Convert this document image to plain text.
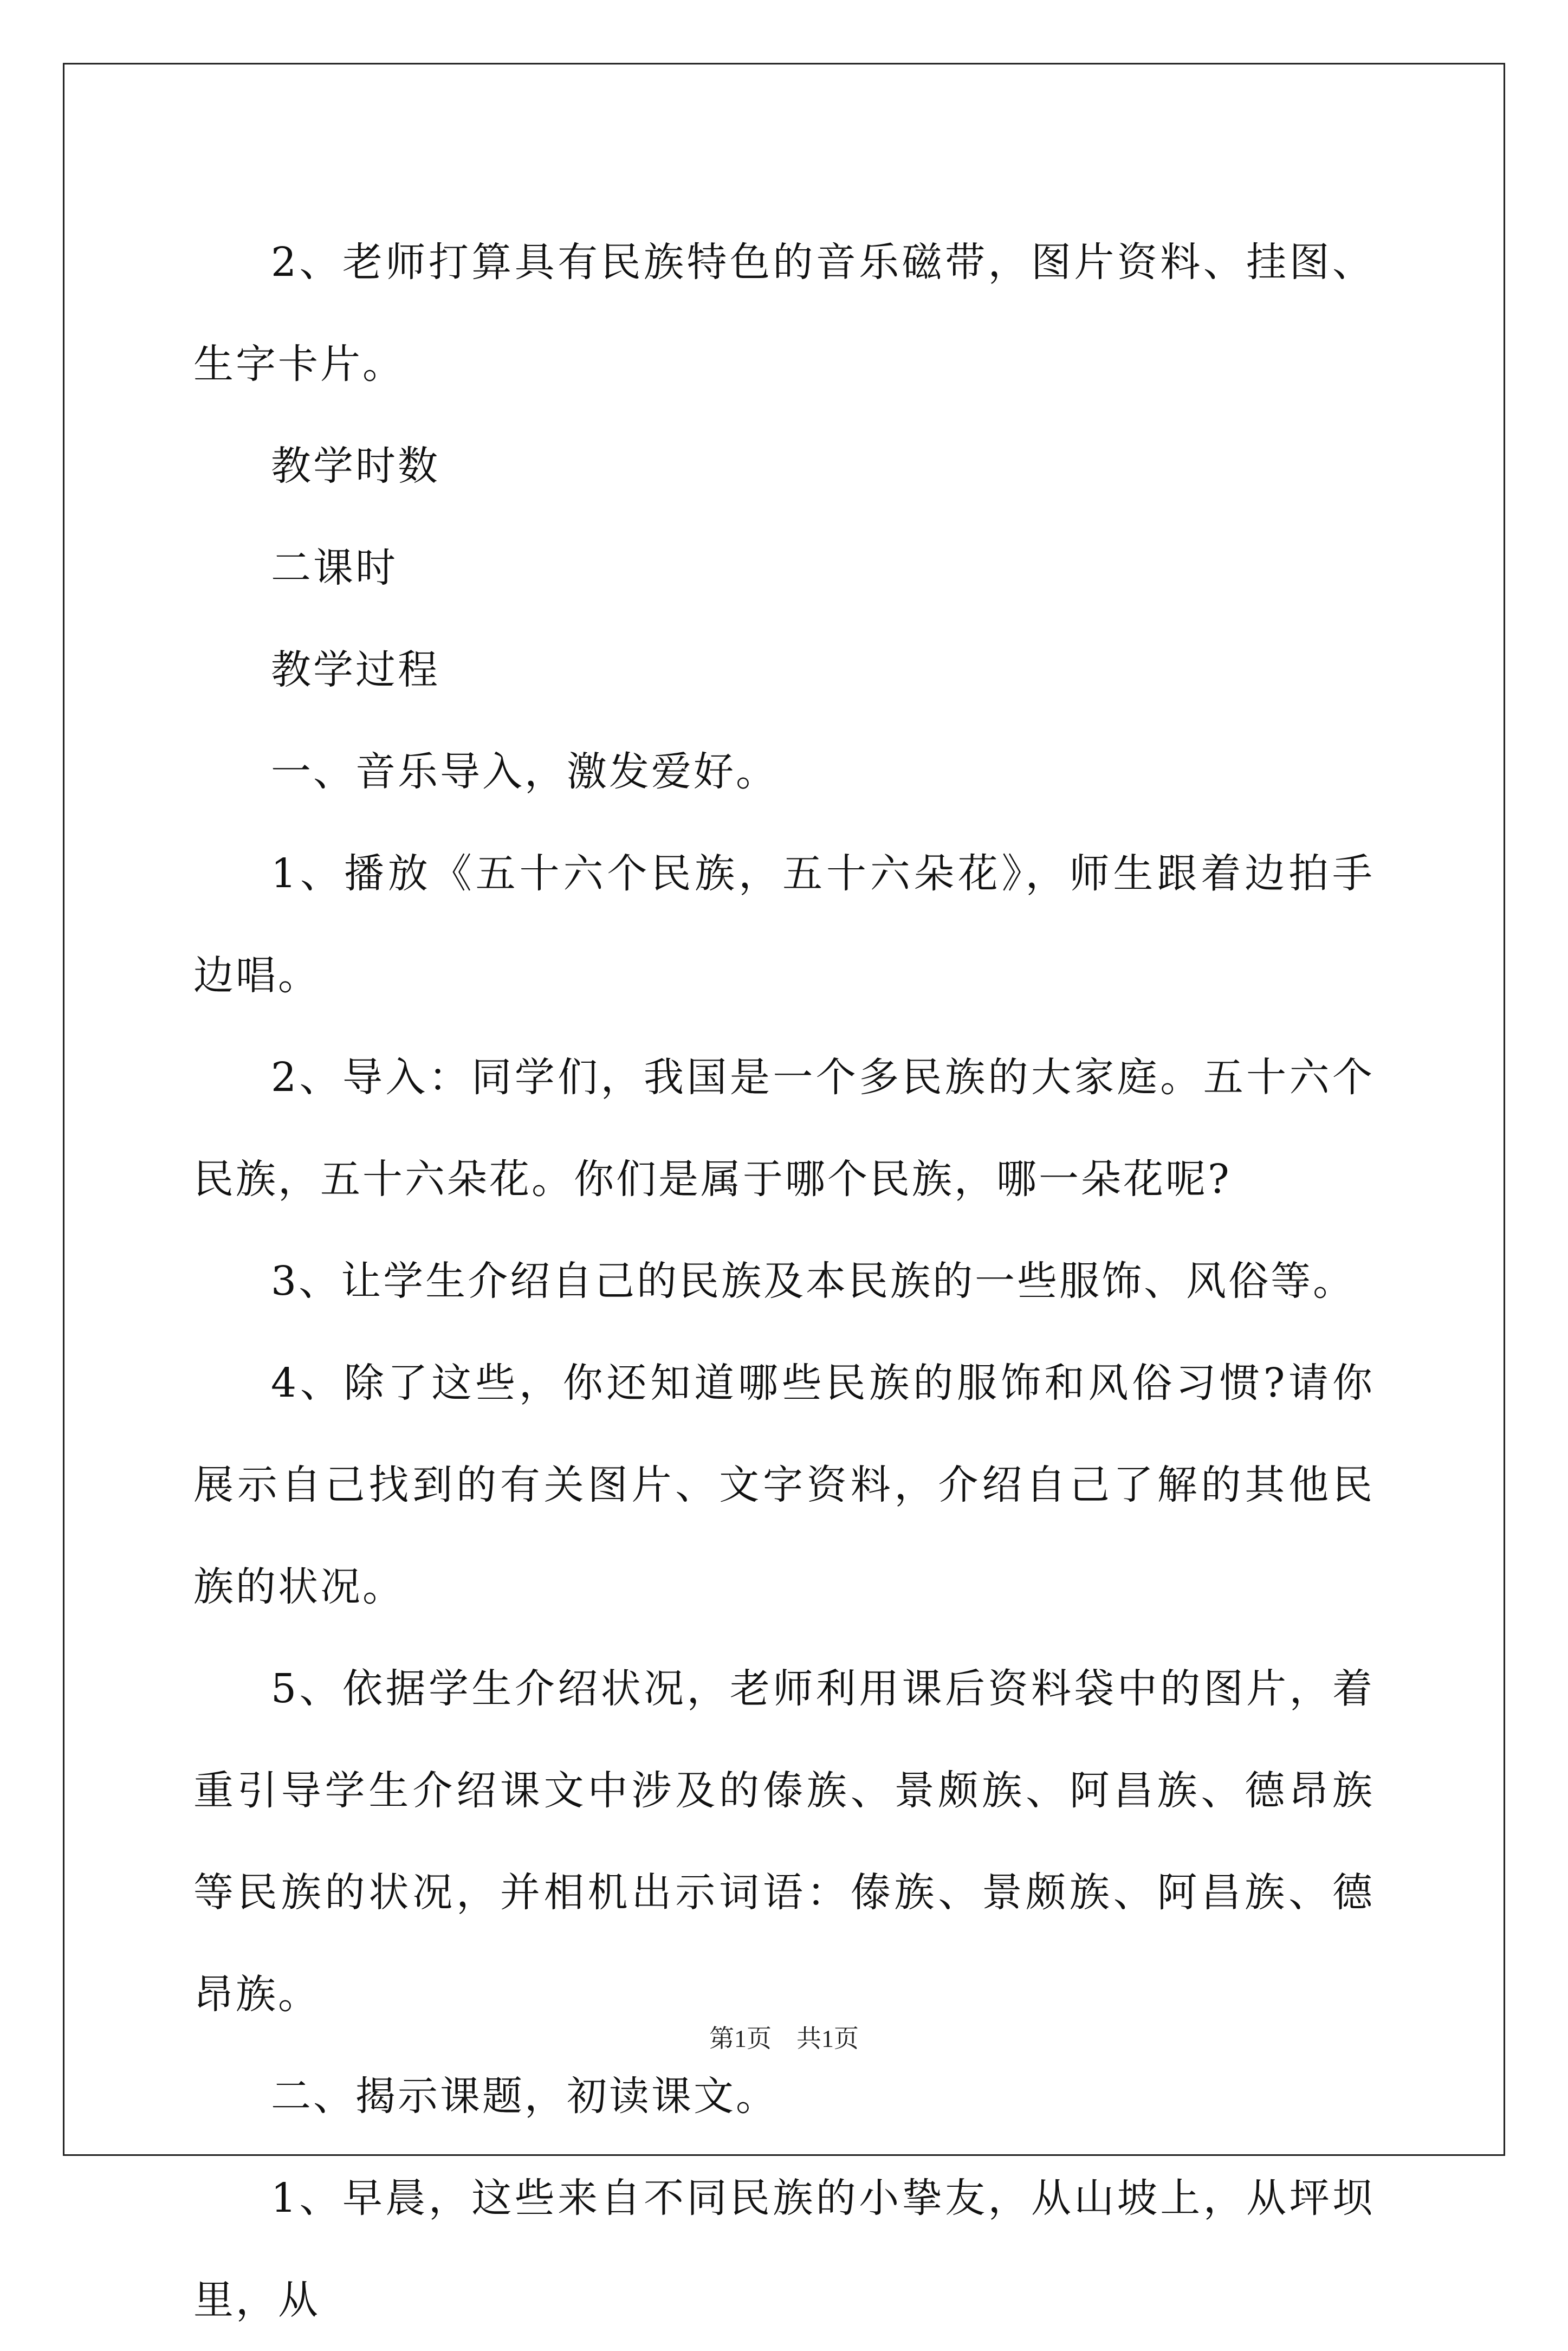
2、老师打算具有民族特色的音乐磁带，图片资料、挂图、生字卡片。

教学时数

二课时

教学过程

一、音乐导入，激发爱好。

1、播放《五十六个民族，五十六朵花》，师生跟着边拍手边唱。

2、导入：同学们，我国是一个多民族的大家庭。五十六个民族，五十六朵花。你们是属于哪个民族，哪一朵花呢?

3、让学生介绍自己的民族及本民族的一些服饰、风俗等。

4、除了这些，你还知道哪些民族的服饰和风俗习惯?请你展示自己找到的有关图片、文字资料，介绍自己了解的其他民族的状况。

5、依据学生介绍状况，老师利用课后资料袋中的图片，着重引导学生介绍课文中涉及的傣族、景颇族、阿昌族、德昂族等民族的状况，并相机出示词语：傣族、景颇族、阿昌族、德昂族。

二、揭示课题，初读课文。

1、早晨，这些来自不同民族的小挚友，从山坡上，从坪坝里，从

第1页　共1页
